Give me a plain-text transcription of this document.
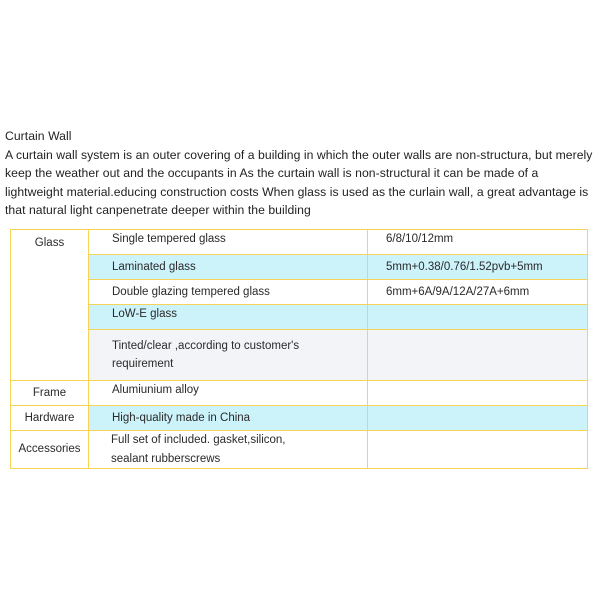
Curtain Wall
A curtain wall system is an outer covering of a building in which the outer walls are non-structura, but merely
keep the weather out and the occupants in As the curtain wall is non-structural it can be made of a
lightweight material.educing construction costs When glass is used as the curlain wall, a great advantage is
that natural light canpenetrate deeper within the building
Glass	Single tempered glass	6/8/10/12mm
	Laminated glass	5mm+0.38/0.76/1.52pvb+5mm
	Double glazing tempered glass	6mm+6A/9A/12A/27A+6mm
	LoW-E glass	

	Tinted/clear ,according to customer's
requirement	

Frame	Alumiunium alloy	
Hardware	High-quality made in China	
Accessories	Full set of included. gasket,silicon,
sealant rubberscrews	
